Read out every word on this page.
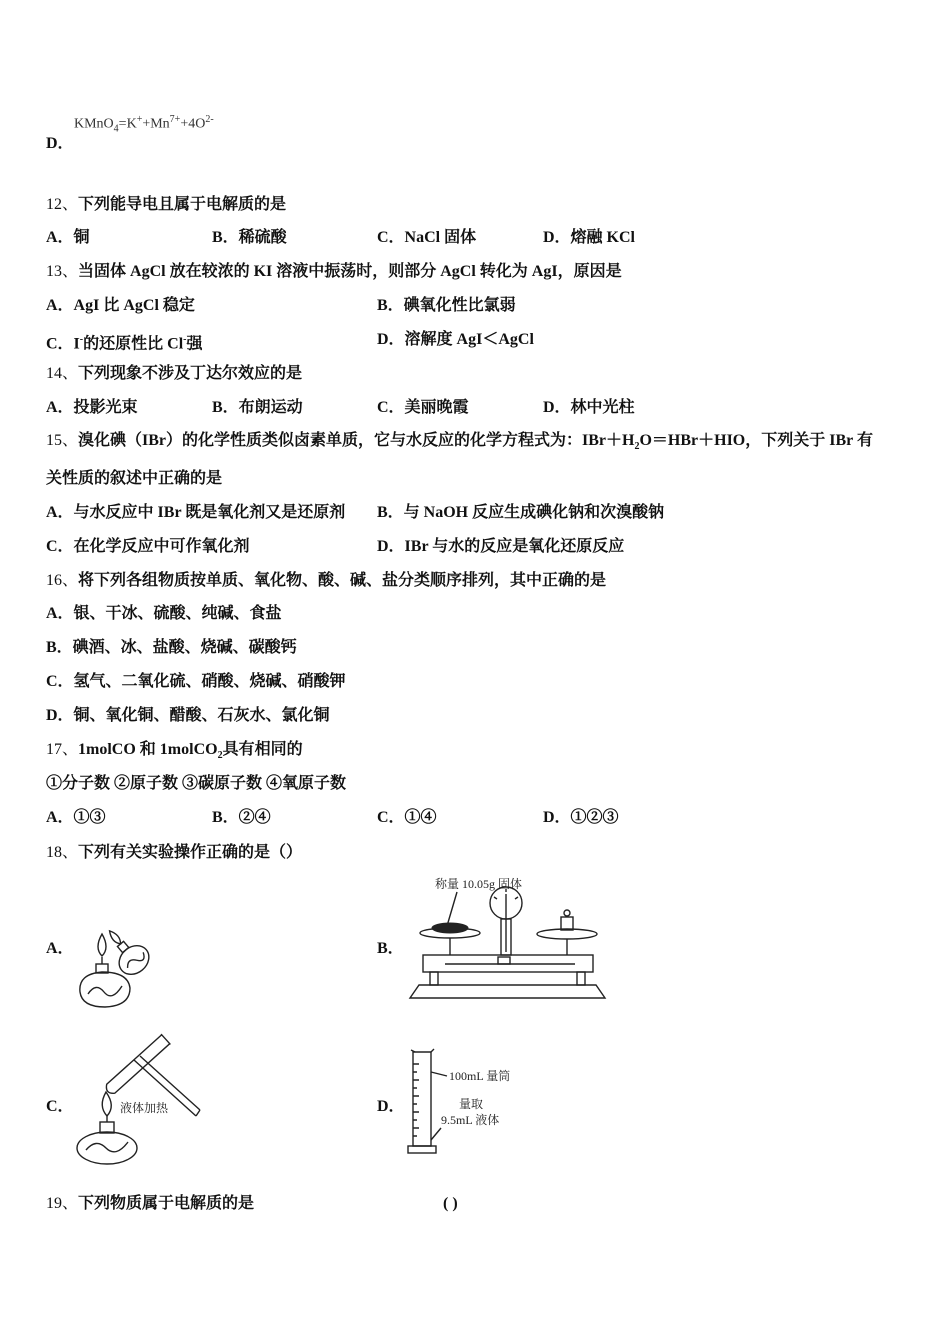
$KMnO_4=K^++Mn^{7+}+4O^{2-}$
D．
12、下列能导电且属于电解质的是
A．铜	B．稀硫酸	C．NaCl 固体	D．熔融 KCl
13、当固体 AgCl 放在较浓的 KI 溶液中振荡时，则部分 AgCl 转化为 AgI，原因是
A．AgI 比 AgCl 稳定	B．碘氧化性比氯弱
C．I-的还原性比 Cl-强	D．溶解度 AgI＜AgCl
14、下列现象不涉及丁达尔效应的是
A．投影光束	B．布朗运动	C．美丽晚霞	D．林中光柱
15、溴化碘（IBr）的化学性质类似卤素单质，它与水反应的化学方程式为：$IBr+H_2O=HBr+HIO$，下列关于 IBr 有
关性质的叙述中正确的是
A．与水反应中 IBr 既是氧化剂又是还原剂 B．与 NaOH 反应生成碘化钠和次溴酸钠
C．在化学反应中可作氧化剂	D．IBr 与水的反应是氧化还原反应
16、将下列各组物质按单质、氧化物、酸、碱、盐分类顺序排列，其中正确的是
A．银、干冰、硫酸、纯碱、食盐
B．碘酒、冰、盐酸、烧碱、碳酸钙
C．氢气、二氧化硫、硝酸、烧碱、硝酸钾
D．铜、氧化铜、醋酸、石灰水、氯化铜
17、1molCO 和 1molCO$_2$具有相同的
①分子数 ②原子数 ③碳原子数 ④氧原子数
A．①③	B．②④	C．①④	D．①②③
18、下列有关实验操作正确的是（）
A．	B．
C．	D．
称量 10.05g 固体
液体加热
100mL 量筒
量取
9.5mL 液体
19、下列物质属于电解质的是	( )
